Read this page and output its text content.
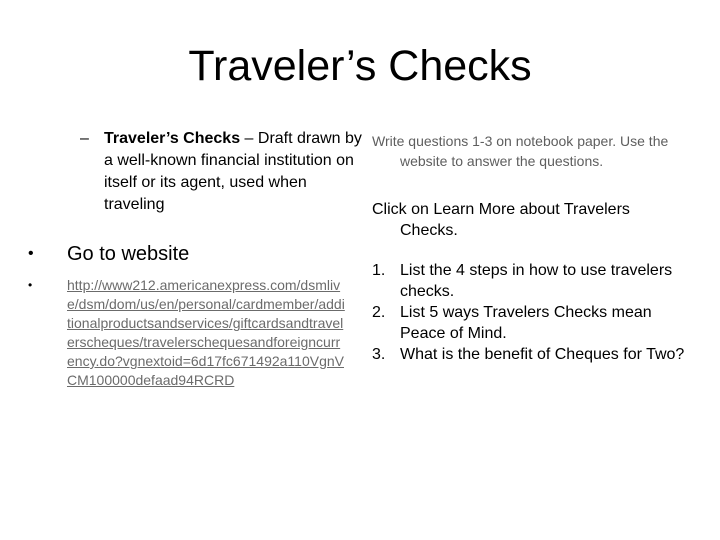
Traveler’s Checks
– Traveler’s Checks – Draft drawn by a well-known financial institution on itself or its agent, used when traveling
• Go to website
• http://www212.americanexpress.com/dsmlive/dsm/dom/us/en/personal/cardmember/additionalproductsandservices/giftcardsandtravelerscheques/travelerschequesandforeigncurrency.do?vgnextoid=6d17fc671492a110VgnVCM100000defaad94RCRD
Write questions 1-3 on notebook paper. Use the website to answer the questions.
Click on Learn More about Travelers Checks.
1. List the 4 steps in how to use travelers checks.
2. List 5 ways Travelers Checks mean Peace of Mind.
3. What is the benefit of Cheques for Two?
